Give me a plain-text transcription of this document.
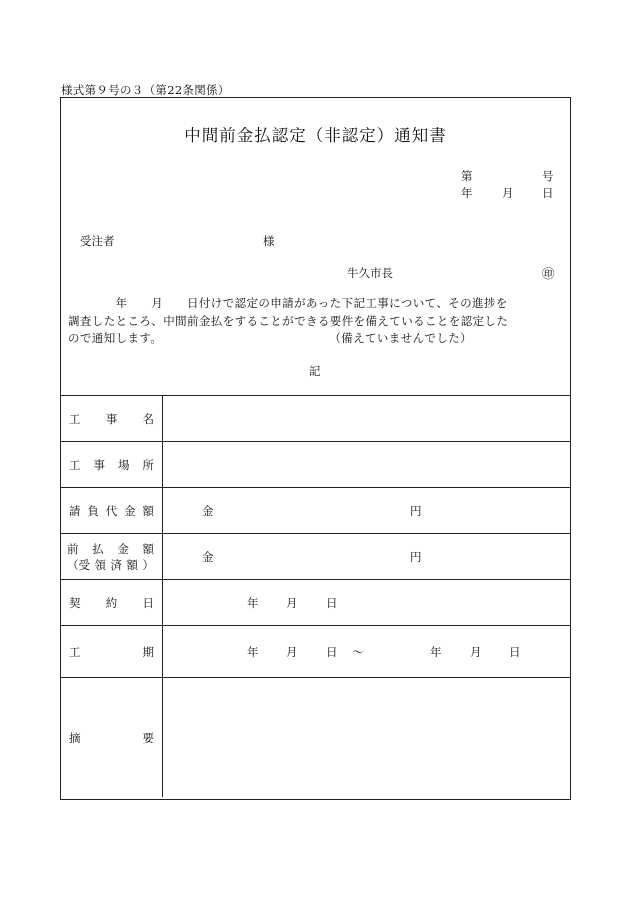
様式第９号の３（第22条関係）
中間前金払認定（非認定）通知書
第	号
年	月 日
受注者	様
牛久市長	㊞
　　　　年　　月　　日付けで認定の申請があった下記工事について、その進捗を
調査したところ、中間前金払をすることができる要件を備えていることを認定した
ので通知します。　　　　　　　　　　　　　　　（備えていませんでした）
記
工 事 名
工 事 場 所
請 負 代 金 額	金	円
前 払 金 額
（受 領 済 額 ）
金	円
契 約 日	年 月 日
工	期	年 月 日 ～	年 月 日
摘	要
